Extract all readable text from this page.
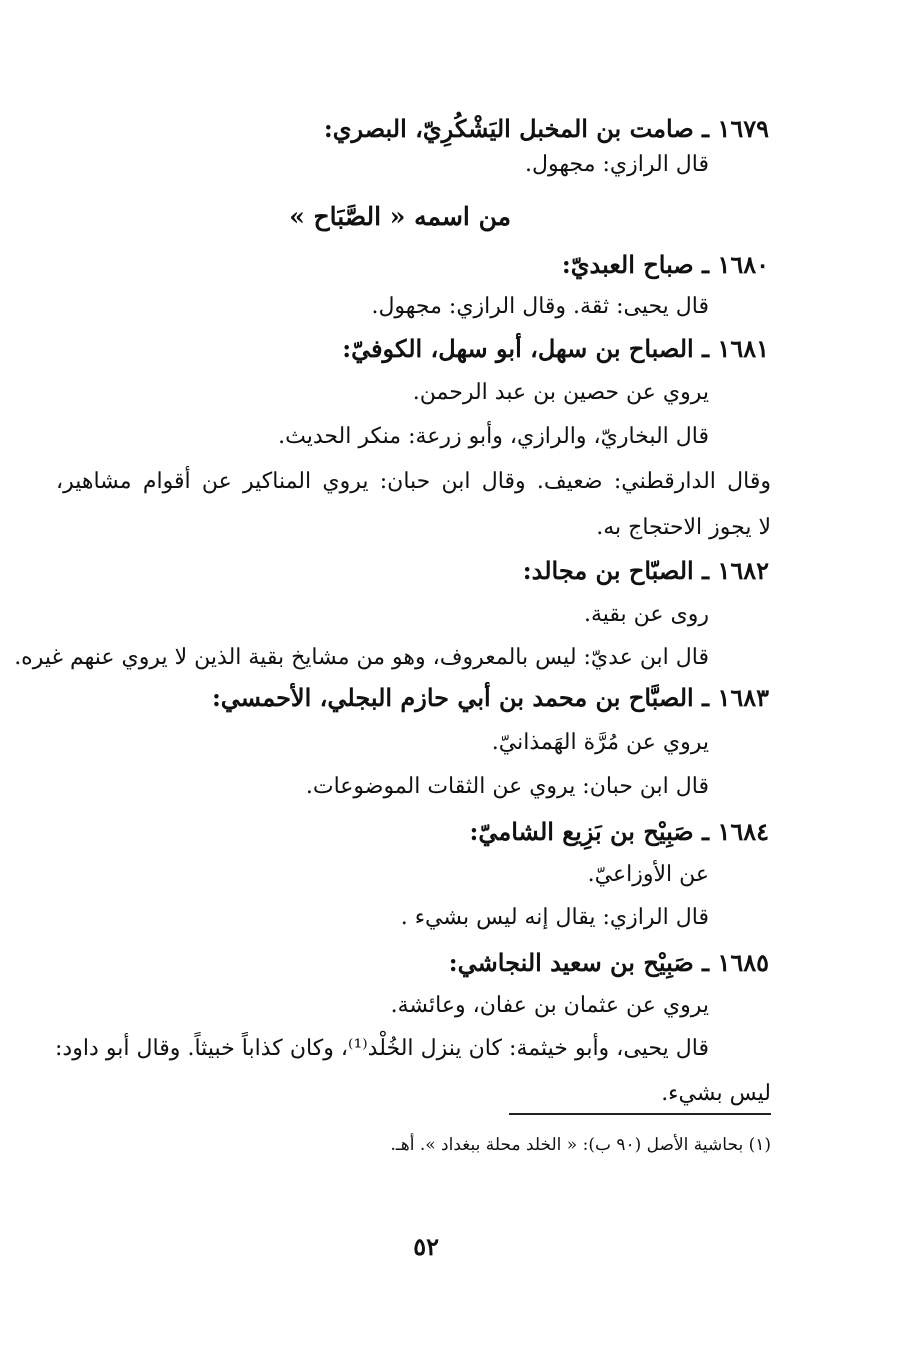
١٦٧٩ ـ صامت بن المخبل اليَشْكُرِيّ، البصري:
قال الرازي: مجهول.
من اسمه « الصَّبَاح »
١٦٨٠ ـ صباح العبديّ:
قال يحيى: ثقة. وقال الرازي: مجهول.
١٦٨١ ـ الصباح بن سهل، أبو سهل، الكوفيّ:
يروي عن حصين بن عبد الرحمن.
قال البخاريّ، والرازي، وأبو زرعة: منكر الحديث.
وقال الدارقطني: ضعيف. وقال ابن حبان: يروي المناكير عن أقوام مشاهير،
لا يجوز الاحتجاج به.
١٦٨٢ ـ الصبّاح بن مجالد:
روى عن بقية.
قال ابن عديّ: ليس بالمعروف، وهو من مشايخ بقية الذين لا يروي عنهم غيره.
١٦٨٣ ـ الصبَّاح بن محمد بن أبي حازم البجلي، الأحمسي:
يروي عن مُرَّة الهَمذانيّ.
قال ابن حبان: يروي عن الثقات الموضوعات.
١٦٨٤ ـ صَبِيْح بن بَزِيع الشاميّ:
عن الأوزاعيّ.
قال الرازي: يقال إنه ليس بشيء .
١٦٨٥ ـ صَبِيْح بن سعيد النجاشي:
يروي عن عثمان بن عفان، وعائشة.
قال يحيى، وأبو خيثمة: كان ينزل الخُلْد⁽¹⁾، وكان كذاباً خبيثاً. وقال أبو داود:
ليس بشيء.
(١) بحاشية الأصل (٩٠ ب): « الخلد محلة ببغداد ». أهـ.
٥٢
